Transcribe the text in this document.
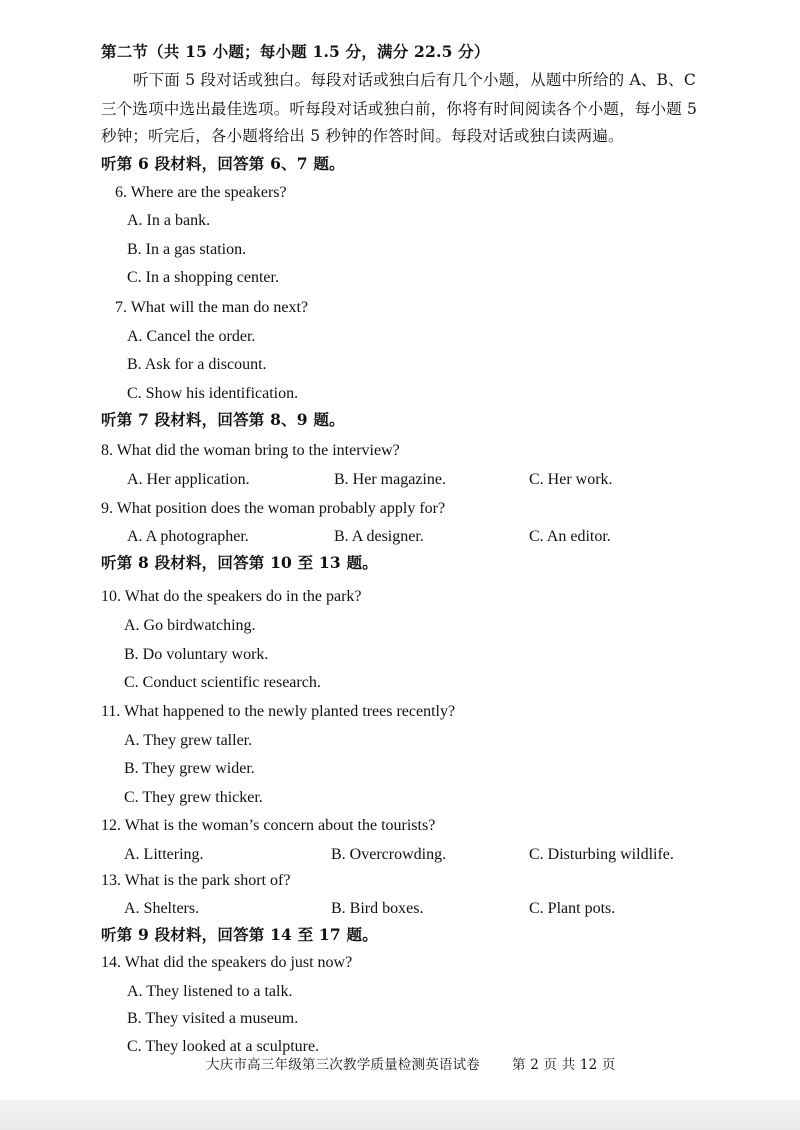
第二节（共 15 小题；每小题 1.5 分，满分 22.5 分）
听下面 5 段对话或独白。每段对话或独白后有几个小题，从题中所给的 A、B、C
三个选项中选出最佳选项。听每段对话或独白前，你将有时间阅读各个小题，每小题 5
秒钟；听完后，各小题将给出 5 秒钟的作答时间。每段对话或独白读两遍。
听第 6 段材料，回答第 6、7 题。
6. Where are the speakers?
A. In a bank.
B. In a gas station.
C. In a shopping center.
7. What will the man do next?
A. Cancel the order.
B. Ask for a discount.
C. Show his identification.
听第 7 段材料，回答第 8、9 题。
8. What did the woman bring to the interview?
A. Her application.	B. Her magazine.	C. Her work.
9. What position does the woman probably apply for?
A. A photographer.	B. A designer.	C. An editor.
听第 8 段材料，回答第 10 至 13 题。
10. What do the speakers do in the park?
A. Go birdwatching.
B. Do voluntary work.
C. Conduct scientific research.
11. What happened to the newly planted trees recently?
A. They grew taller.
B. They grew wider.
C. They grew thicker.
12. What is the woman’s concern about the tourists?
A. Littering.	B. Overcrowding.	C. Disturbing wildlife.
13. What is the park short of?
A. Shelters.	B. Bird boxes.	C. Plant pots.
听第 9 段材料，回答第 14 至 17 题。
14. What did the speakers do just now?
A. They listened to a talk.
B. They visited a museum.
C. They looked at a sculpture.
大庆市高三年级第三次教学质量检测英语试卷 第 2 页 共 12 页
